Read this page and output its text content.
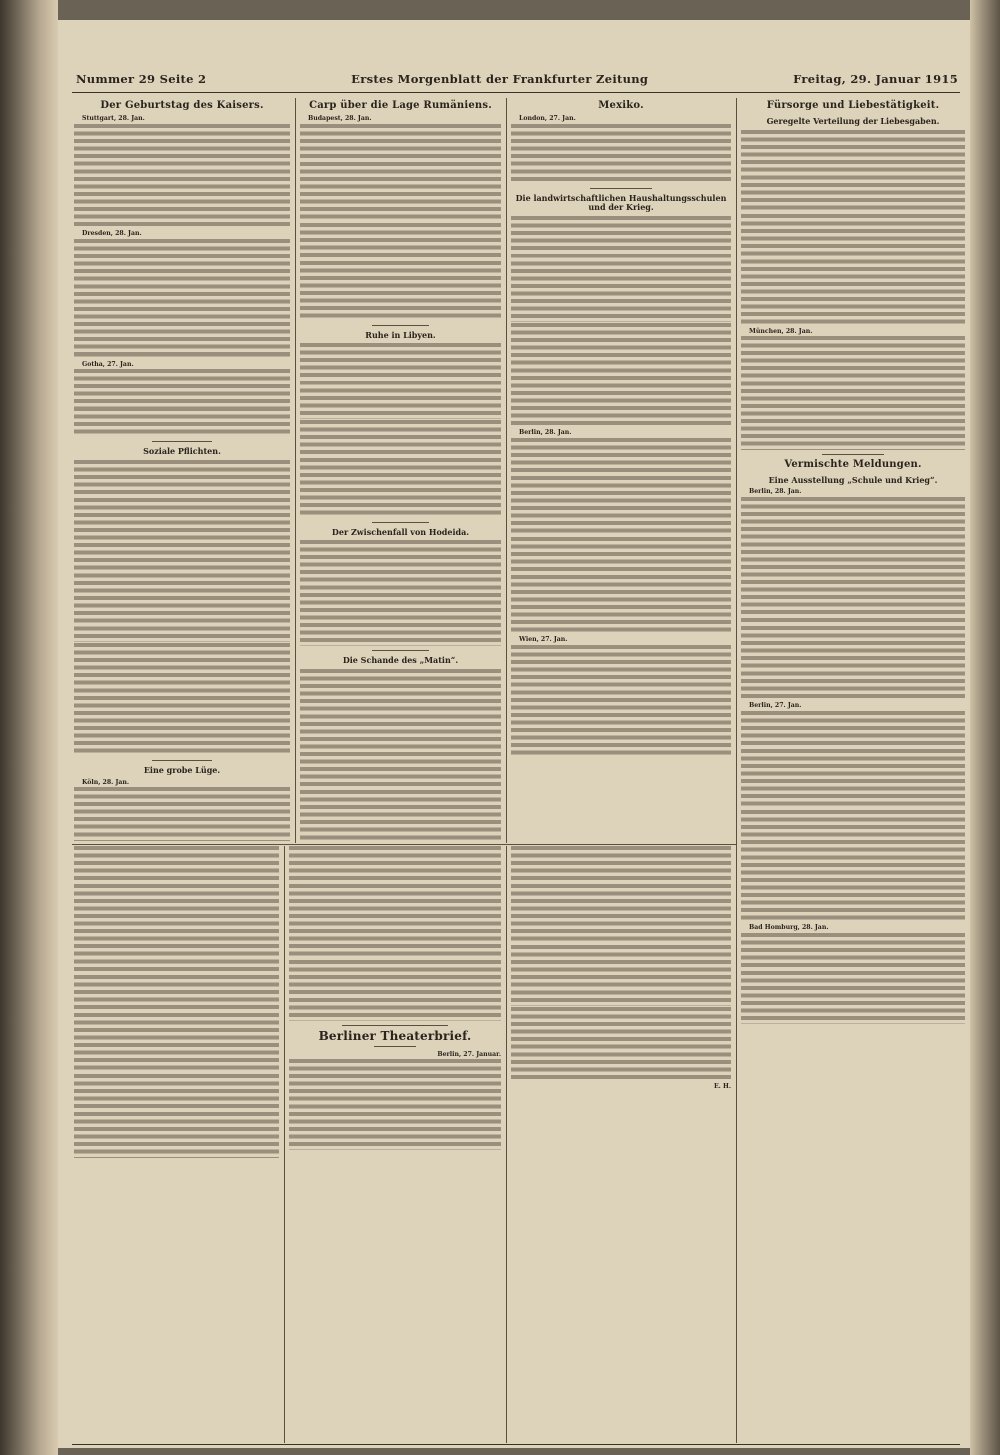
Nummer 29 Seite 2	Erstes Morgenblatt der Frankfurter Zeitung	Freitag, 29. Januar 1915
Der Geburtstag des Kaisers.

Stuttgart, 28. Jan.

Dresden, 28. Jan.

Gotha, 27. Jan.

Soziale Pflichten.

Eine grobe Lüge.

Köln, 28. Jan.

Carp über die Lage Rumäniens.

Budapest, 28. Jan.

Ruhe in Libyen.

Der Zwischenfall von Hodeida.

Die Schande des „Matin“.

Mexiko.

London, 27. Jan.

Die landwirtschaftlichen Haushaltungsschulen und der Krieg.

Berlin, 28. Jan.

Wien, 27. Jan.

Fürsorge und Liebestätigkeit.
Geregelte Verteilung der Liebesgaben.

München, 28. Jan.

Vermischte Meldungen.
Eine Ausstellung „Schule und Krieg“.

Berlin, 28. Jan.

Berlin, 27. Jan.

Bad Homburg, 28. Jan.

Berliner Theaterbrief.

Berlin, 27. Januar.

E. H.
